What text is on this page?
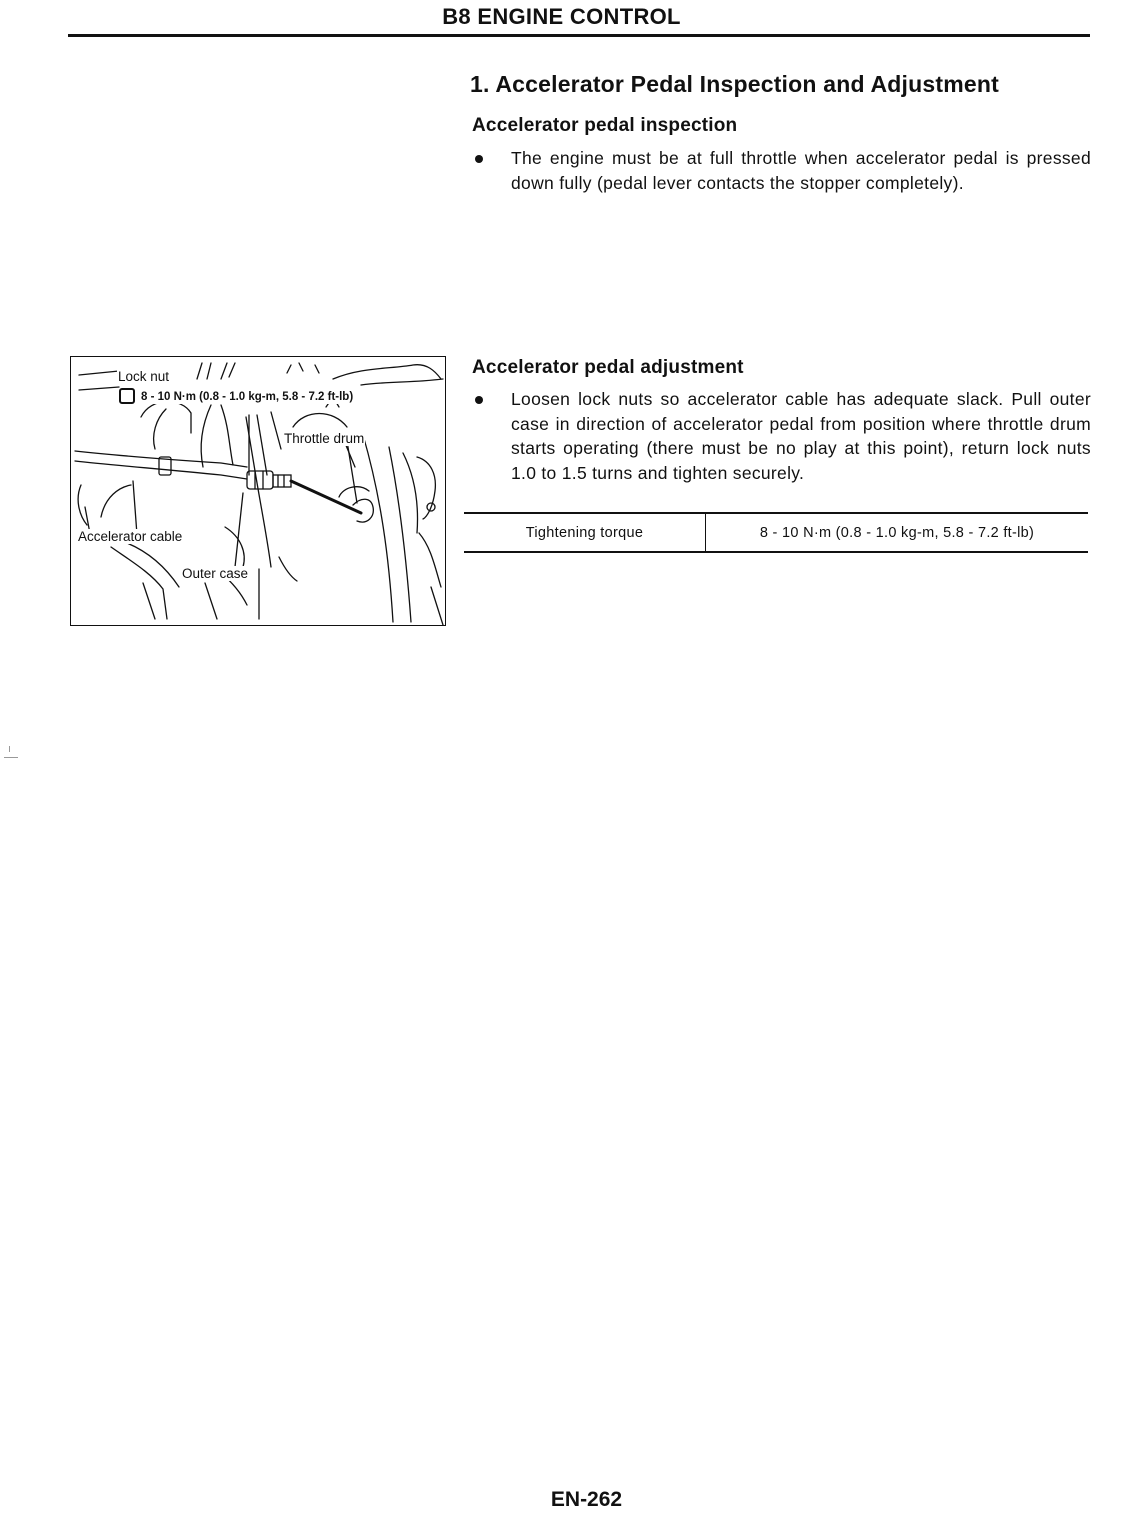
B8 ENGINE CONTROL
1. Accelerator Pedal Inspection and Adjustment
Accelerator pedal inspection

The engine must be at full throttle when accelerator pedal is pressed down fully (pedal lever contacts the stopper completely).

Accelerator pedal adjustment

Loosen lock nuts so accelerator cable has adequate slack. Pull outer case in direction of accelerator pedal from position where throttle drum starts operating (there must be no play at this point), return lock nuts 1.0 to 1.5 turns and tighten securely.

Tightening torque	8 - 10 N·m (0.8 - 1.0 kg-m, 5.8 - 7.2 ft-lb)
Lock nut
8 - 10 N·m (0.8 - 1.0 kg-m, 5.8 - 7.2 ft-lb)
Throttle drum
Accelerator cable
Outer case
EN-262
